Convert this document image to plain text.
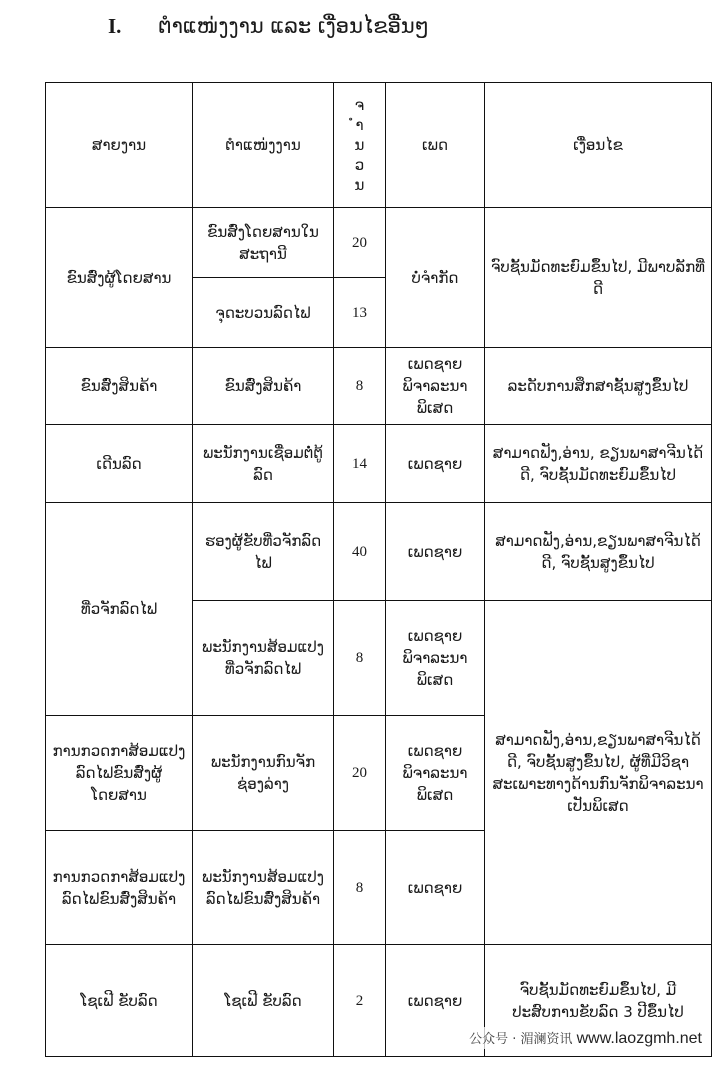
I. ຕຳແໜ່ງງານ ແລະ ເງື່ອນໄຂອື່ນໆ
ສາຍງານ	ຕຳແໜ່ງງານ	ຈຳນວນ	ເພດ	ເງື່ອນໄຂ
ຂົນສົ່ງຜູ້ໂດຍສານ	ຂົນສົ່ງໂດຍສານໃນສະຖານີ	20	ບໍ່ຈຳກັດ	ຈົບຊັ້ນມັດທະຍົມຂຶ້ນໄປ, ມີພາບລັກທີ່ດີ
	ຈຸດະບວນລົດໄຟ	13		
ຂົນສົ່ງສິນຄ້າ	ຂົນສົ່ງສິນຄ້າ	8	ເພດຊາຍພິຈາລະນາພິເສດ	ລະດັບການສຶກສາຊັ້ນສູງຂຶ້ນໄປ
ເດີນລົດ	ພະນັກງານເຊື່ອມຕໍ່ຕູ້ລົດ	14	ເພດຊາຍ	ສາມາດຟັງ,ອ່ານ, ຂຽນພາສາຈີນໄດ້ດີ, ຈົບຊັ້ນມັດທະຍົມຂຶ້ນໄປ
ທີ່ວຈັກລົດໄຟ	ຮອງຜູ້ຂັບທີ່ວຈັກລົດໄຟ	40	ເພດຊາຍ	ສາມາດຟັງ,ອ່ານ,ຂຽນພາສາຈີນໄດ້ດີ, ຈົບຊັ້ນສູງຂຶ້ນໄປ
	ພະນັກງານສ້ອມແປງທີ່ວຈັກລົດໄຟ	8	ເພດຊາຍພິຈາລະນາພິເສດ	ສາມາດຟັງ,ອ່ານ,ຂຽນພາສາຈີນໄດ້ດີ, ຈົບຊັ້ນສູງຂຶ້ນໄປ, ຜູ້ທີ່ມີວິຊາສະເພາະທາງດ້ານກົນຈັກພິຈາລະນາເປັນພິເສດ
ການກວດກາສ້ອມແປງລົດໄຟຂົນສົ່ງຜູ້ໂດຍສານ	ພະນັກງານກົນຈັກຊ່ອງລ່າງ	20	ເພດຊາຍພິຈາລະນາພິເສດ	
ການກວດກາສ້ອມແປງລົດໄຟຂົນສົ່ງສິນຄ້າ	ພະນັກງານສ້ອມແປງລົດໄຟຂົນສົ່ງສິນຄ້າ	8	ເພດຊາຍ	
ໂຊເຟີ ຂັບລົດ	ໂຊເຟີ ຂັບລົດ	2	ເພດຊາຍ	ຈົບຊັ້ນມັດທະຍົມຂຶ້ນໄປ, ມີປະສົບການຂັບລົດ 3 ປີຂຶ້ນໄປ
公众号 · 湄澜资讯 www.laozgmh.net
